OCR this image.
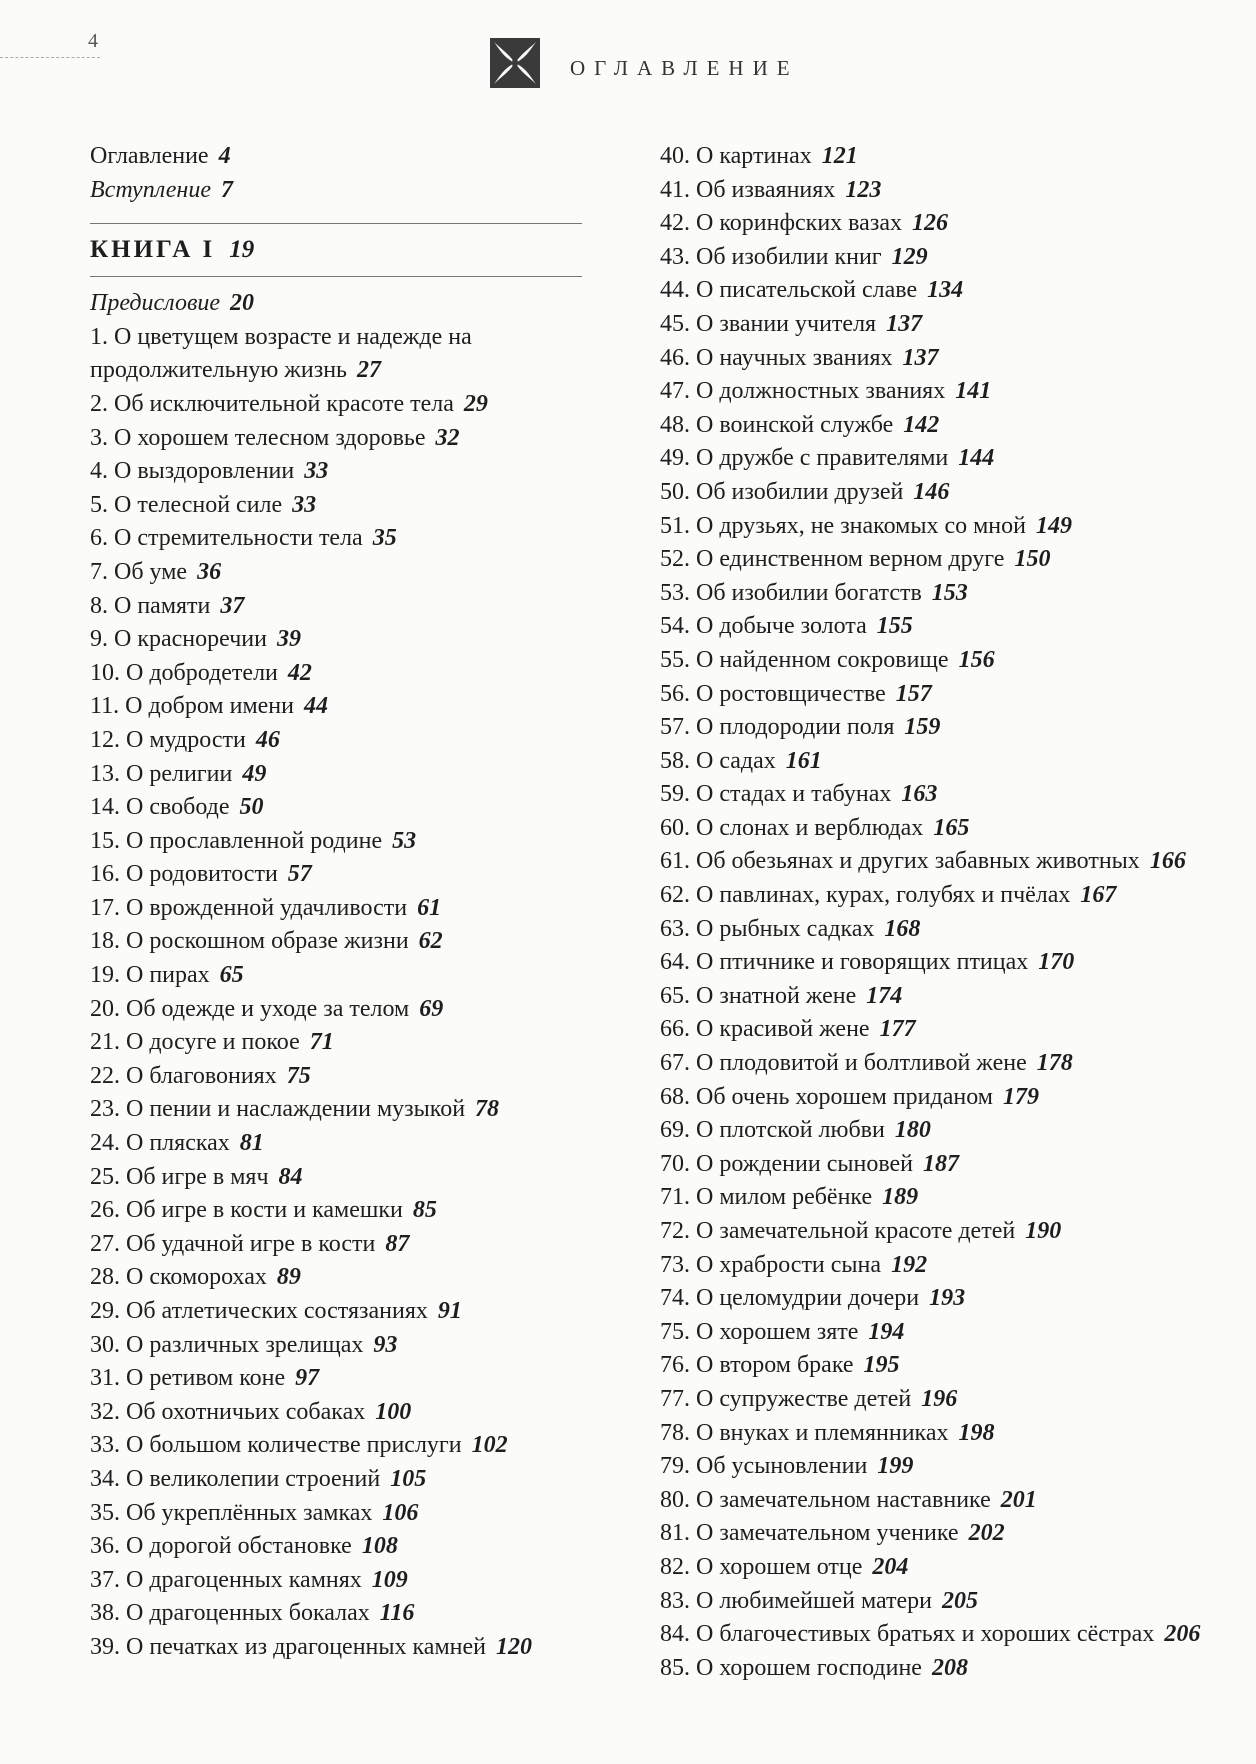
4
ОГЛАВЛЕНИЕ
Оглавление 4
Вступление 7
КНИГА I 19
Предисловие 20
1. О цветущем возрасте и надежде на продолжительную жизнь 27
2. Об исключительной красоте тела 29
3. О хорошем телесном здоровье 32
4. О выздоровлении 33
5. О телесной силе 33
6. О стремительности тела 35
7. Об уме 36
8. О памяти 37
9. О красноречии 39
10. О добродетели 42
11. О добром имени 44
12. О мудрости 46
13. О религии 49
14. О свободе 50
15. О прославленной родине 53
16. О родовитости 57
17. О врожденной удачливости 61
18. О роскошном образе жизни 62
19. О пирах 65
20. Об одежде и уходе за телом 69
21. О досуге и покое 71
22. О благовониях 75
23. О пении и наслаждении музыкой 78
24. О плясках 81
25. Об игре в мяч 84
26. Об игре в кости и камешки 85
27. Об удачной игре в кости 87
28. О скоморохах 89
29. Об атлетических состязаниях 91
30. О различных зрелищах 93
31. О ретивом коне 97
32. Об охотничьих собаках 100
33. О большом количестве прислуги 102
34. О великолепии строений 105
35. Об укреплённых замках 106
36. О дорогой обстановке 108
37. О драгоценных камнях 109
38. О драгоценных бокалах 116
39. О печатках из драгоценных камней 120
40. О картинах 121
41. Об изваяниях 123
42. О коринфских вазах 126
43. Об изобилии книг 129
44. О писательской славе 134
45. О звании учителя 137
46. О научных званиях 137
47. О должностных званиях 141
48. О воинской службе 142
49. О дружбе с правителями 144
50. Об изобилии друзей 146
51. О друзьях, не знакомых со мной 149
52. О единственном верном друге 150
53. Об изобилии богатств 153
54. О добыче золота 155
55. О найденном сокровище 156
56. О ростовщичестве 157
57. О плодородии поля 159
58. О садах 161
59. О стадах и табунах 163
60. О слонах и верблюдах 165
61. Об обезьянах и других забавных животных 166
62. О павлинах, курах, голубях и пчёлах 167
63. О рыбных садках 168
64. О птичнике и говорящих птицах 170
65. О знатной жене 174
66. О красивой жене 177
67. О плодовитой и болтливой жене 178
68. Об очень хорошем приданом 179
69. О плотской любви 180
70. О рождении сыновей 187
71. О милом ребёнке 189
72. О замечательной красоте детей 190
73. О храбрости сына 192
74. О целомудрии дочери 193
75. О хорошем зяте 194
76. О втором браке 195
77. О супружестве детей 196
78. О внуках и племянниках 198
79. Об усыновлении 199
80. О замечательном наставнике 201
81. О замечательном ученике 202
82. О хорошем отце 204
83. О любимейшей матери 205
84. О благочестивых братьях и хороших сёстрах 206
85. О хорошем господине 208
